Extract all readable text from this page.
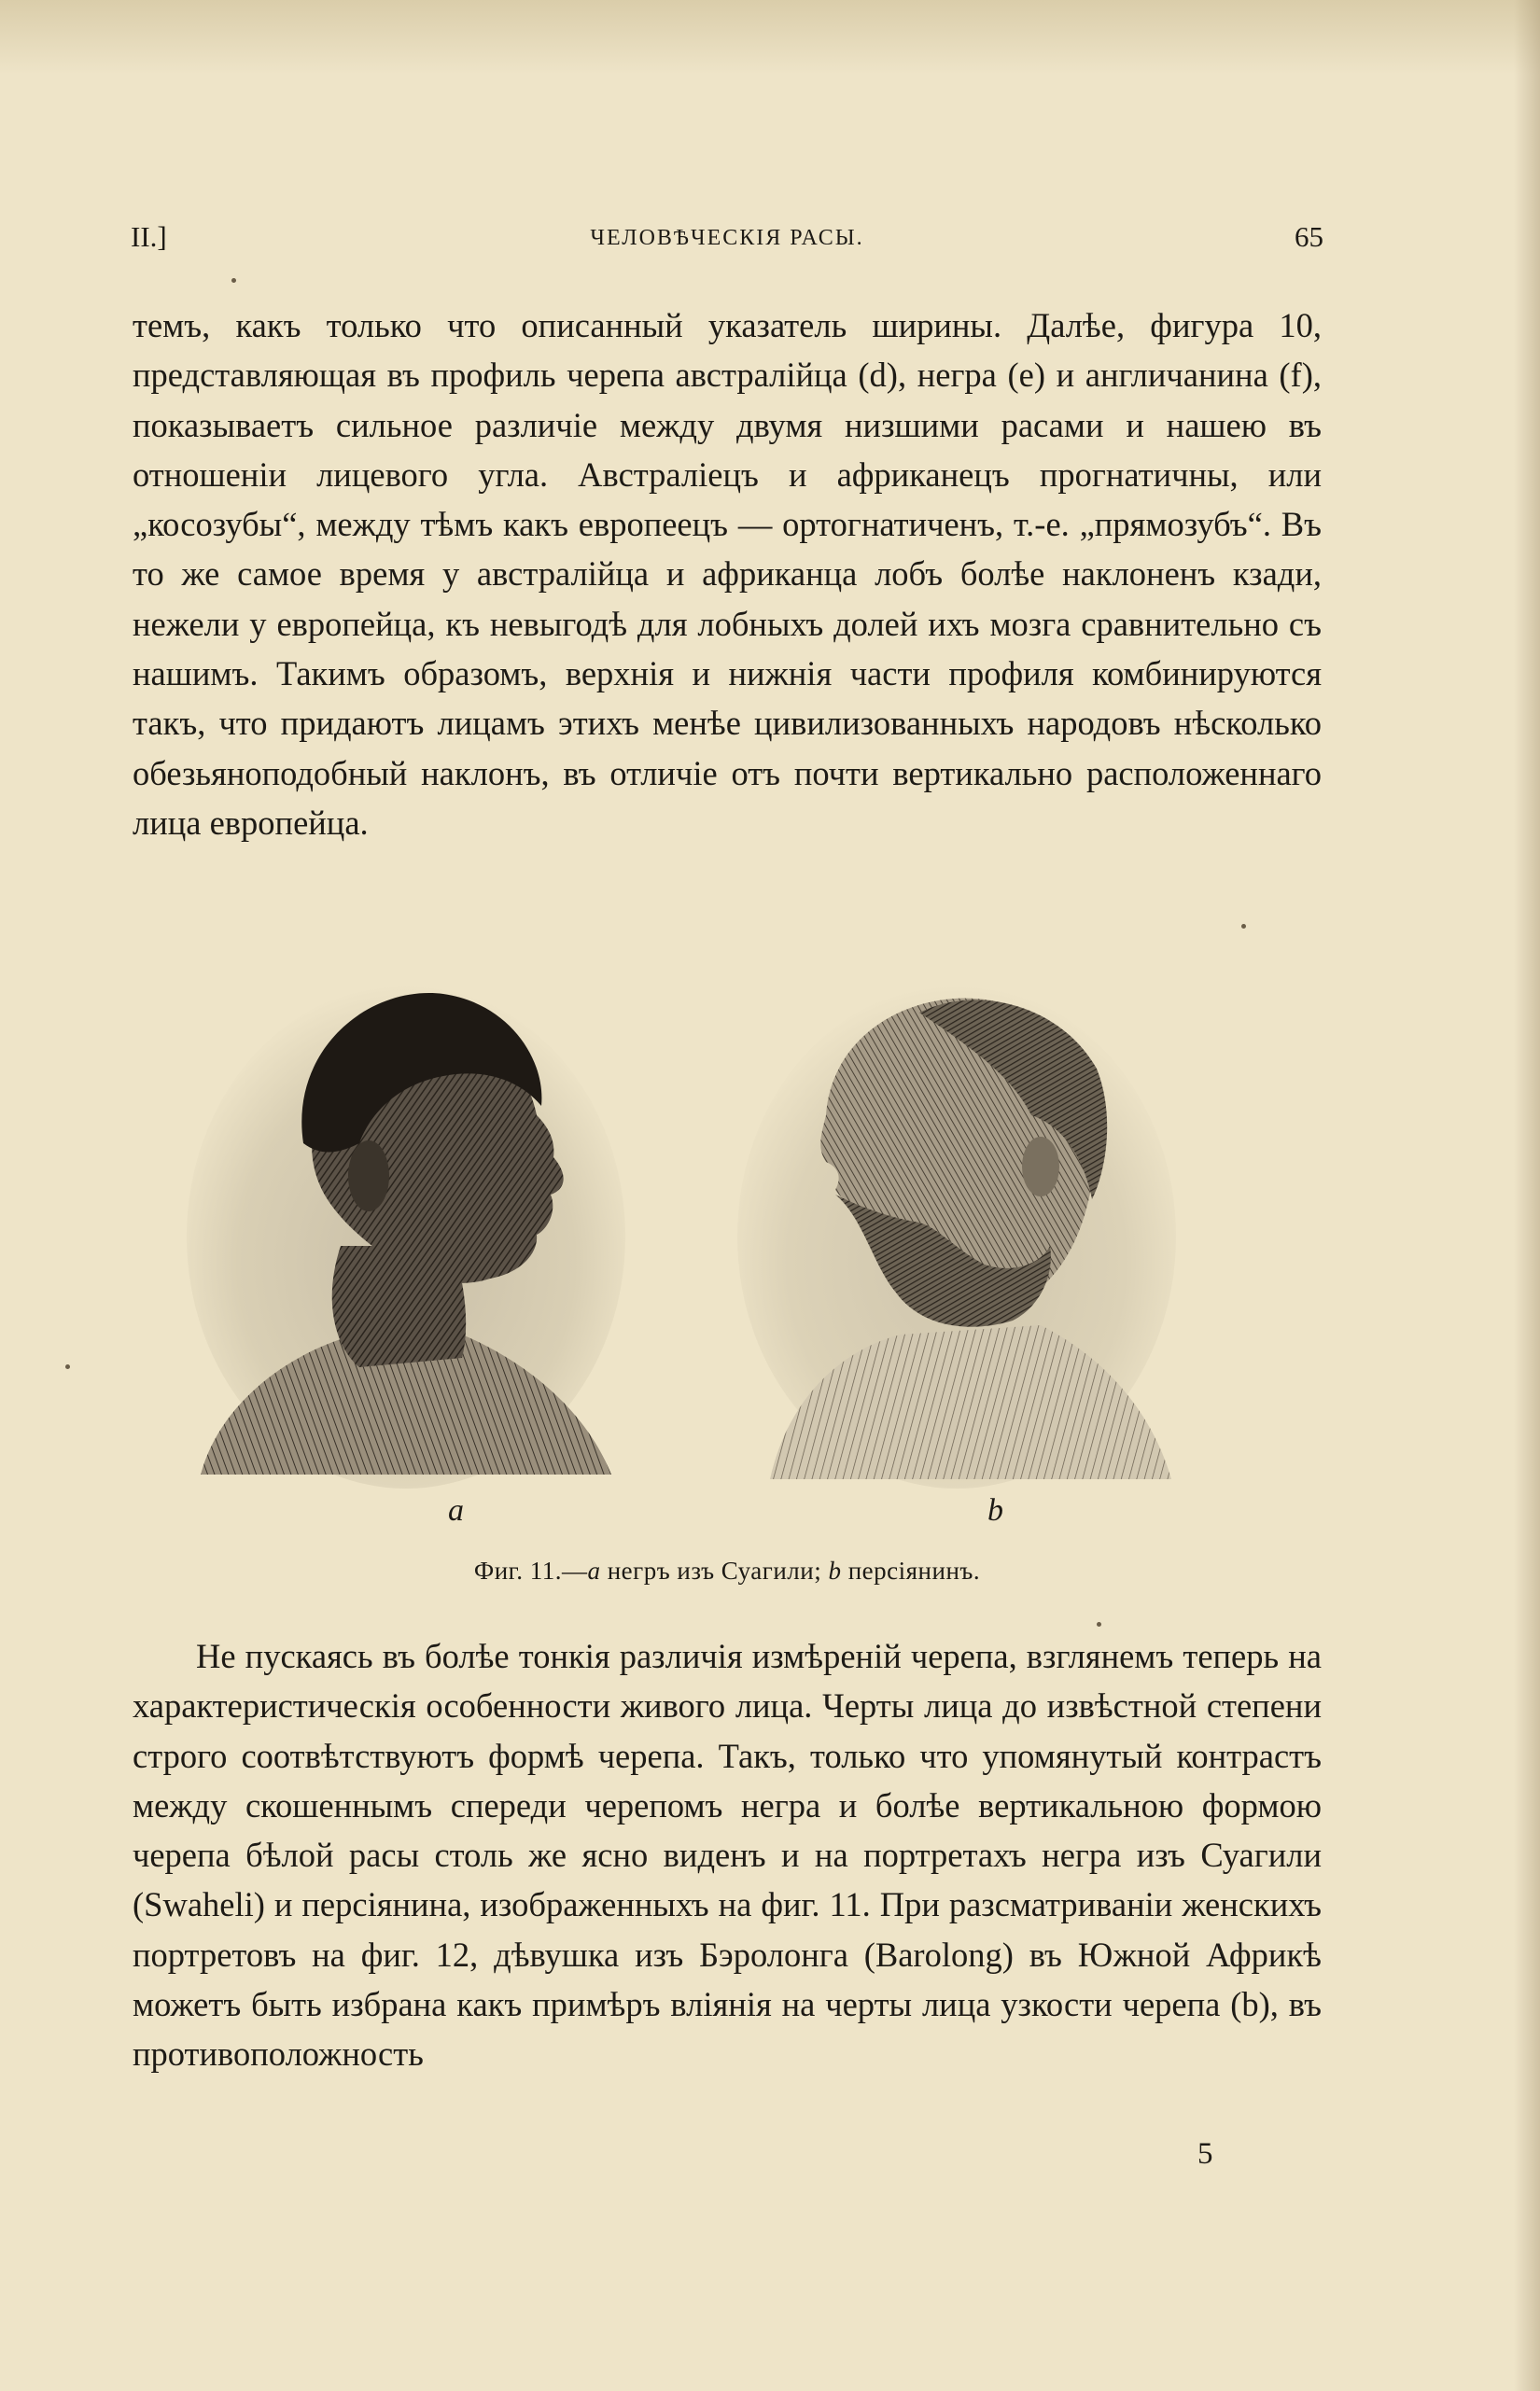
II.]	ЧЕЛОВѢЧЕСКІЯ РАСЫ.	65

темъ, какъ только что описанный указатель ширины. Далѣе, фигура 10, представляющая въ профиль черепа австралійца (d), негра (e) и англичанина (f), показываетъ сильное различіе между двумя низшими расами и нашею въ отношеніи лицевого угла. Австраліецъ и африканецъ прогнатичны, или „косозубы“, между тѣмъ какъ европеецъ — ортогнатиченъ, т.-е. „прямозубъ“. Въ то же самое время у австралійца и африканца лобъ болѣе наклоненъ кзади, нежели у европейца, къ невыгодѣ для лобныхъ долей ихъ мозга сравнительно съ нашимъ. Такимъ образомъ, верхнія и нижнія части профиля комбинируются такъ, что придаютъ лицамъ этихъ менѣе цивилизованныхъ народовъ нѣсколько обезьяноподобный наклонъ, въ отличіе отъ почти вертикально расположеннаго лица европейца.

a	b
Фиг. 11.—a негръ изъ Суагили; b персіянинъ.

Не пускаясь въ болѣе тонкія различія измѣреній черепа, взглянемъ теперь на характеристическія особенности живого лица. Черты лица до извѣстной степени строго соотвѣтствуютъ формѣ черепа. Такъ, только что упомянутый контрастъ между скошеннымъ спереди черепомъ негра и болѣе вертикальною формою черепа бѣлой расы столь же ясно виденъ и на портретахъ негра изъ Суагили (Swaheli) и персіянина, изображенныхъ на фиг. 11. При разсматриваніи женскихъ портретовъ на фиг. 12, дѣвушка изъ Бэролонга (Barolong) въ Южной Африкѣ можетъ быть избрана какъ примѣръ вліянія на черты лица узкости черепа (b), въ противоположность

5
